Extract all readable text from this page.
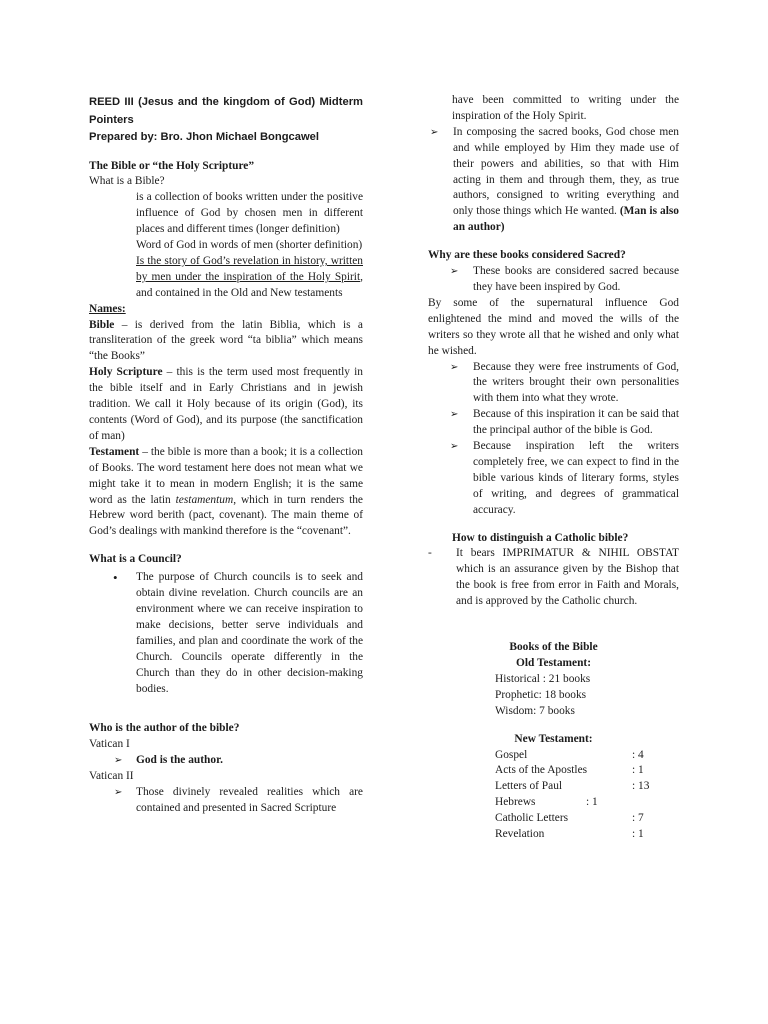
REED III (Jesus and the kingdom of God) Midterm Pointers
Prepared by: Bro. Jhon Michael Bongcawel
The Bible or “the Holy Scripture”
What is a Bible?
is a collection of books written under the positive influence of God by chosen men in different places and different times (longer definition)
Word of God in words of men (shorter definition)
Is the story of God’s revelation in history, written by men under the inspiration of the Holy Spirit, and contained in the Old and New testaments
Names:
Bible – is derived from the latin Biblia, which is a transliteration of the greek word “ta biblia” which means “the Books”
Holy Scripture – this is the term used most frequently in the bible itself and in Early Christians and in jewish tradition. We call it Holy because of its origin (God), its contents (Word of God), and its purpose (the sanctification of man)
Testament – the bible is more than a book; it is a collection of Books. The word testament here does not mean what we might take it to mean in modern English; it is the same word as the latin testamentum, which in turn renders the Hebrew word berith (pact, covenant). The main theme of God’s dealings with mankind therefore is the “covenant”.
What is a Council?
• The purpose of Church councils is to seek and obtain divine revelation. Church councils are an environment where we can receive inspiration to make decisions, better serve individuals and families, and plan and coordinate the work of the Church. Councils operate differently in the Church than they do in other decision-making bodies.
Who is the author of the bible?
Vatican I
➢ God is the author.
Vatican II
➢ Those divinely revealed realities which are contained and presented in Sacred Scripture
have been committed to writing under the inspiration of the Holy Spirit.
➢ In composing the sacred books, God chose men and while employed by Him they made use of their powers and abilities, so that with Him acting in them and through them, they, as true authors, consigned to writing everything and only those things which He wanted. (Man is also an author)
Why are these books considered Sacred?
➢ These books are considered sacred because they have been inspired by God.
By some of the supernatural influence God enlightened the mind and moved the wills of the writers so they wrote all that he wished and only what he wished.
➢ Because they were free instruments of God, the writers brought their own personalities with them into what they wrote.
➢ Because of this inspiration it can be said that the principal author of the bible is God.
➢ Because inspiration left the writers completely free, we can expect to find in the bible various kinds of literary forms, styles of writing, and degrees of grammatical accuracy.
How to distinguish a Catholic bible?
- It bears IMPRIMATUR & NIHIL OBSTAT which is an assurance given by the Bishop that the book is free from error in Faith and Morals, and is approved by the Catholic church.
Books of the Bible
Old Testament:
Historical : 21 books
Prophetic: 18 books
Wisdom: 7 books
New Testament:
Gospel	: 4
Acts of the Apostles	: 1
Letters of Paul	: 13
Hebrews	: 1
Catholic Letters	: 7
Revelation	: 1
